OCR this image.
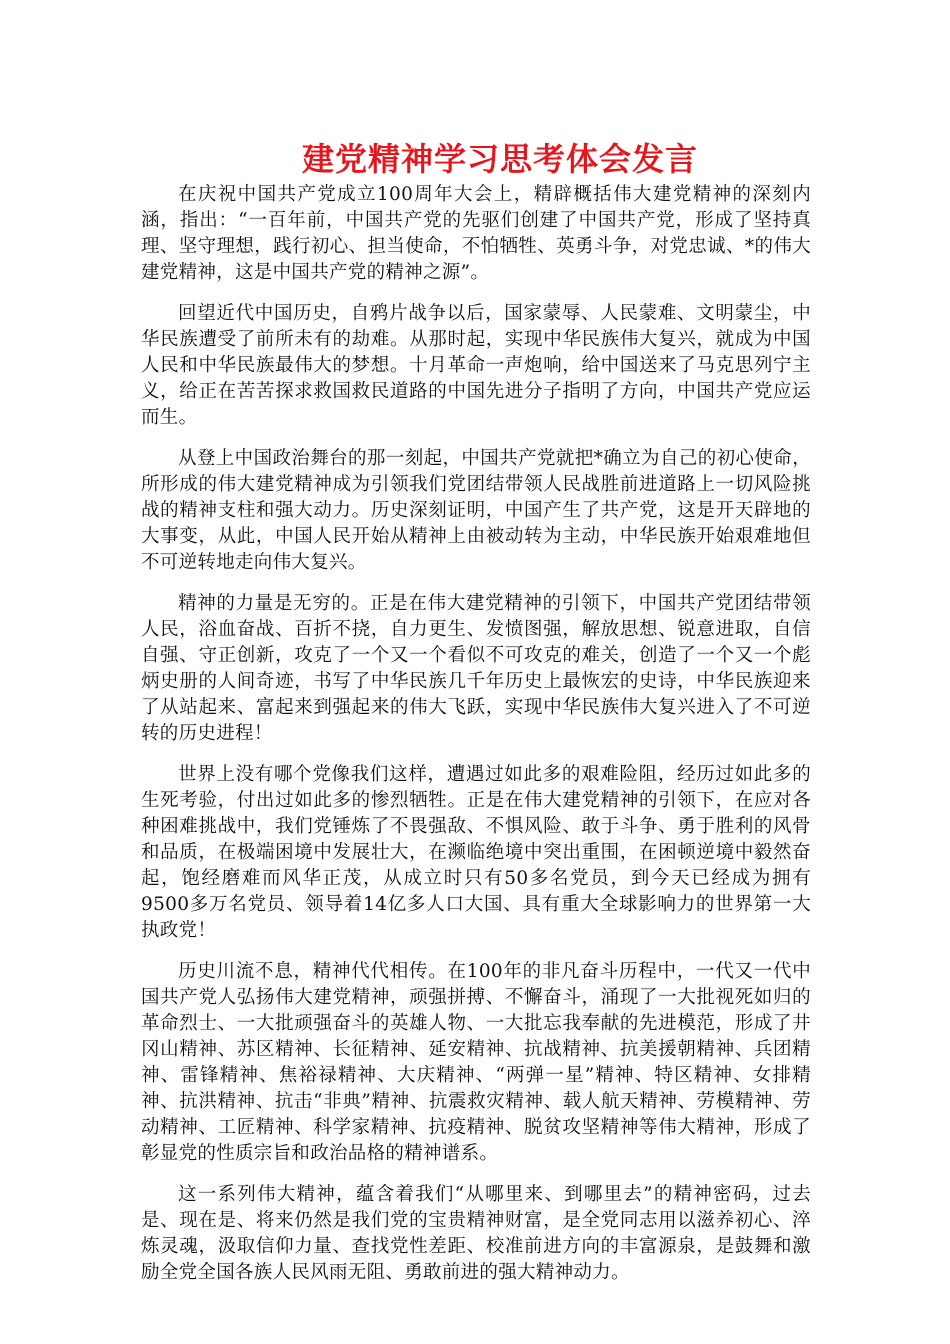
建党精神学习思考体会发言

在庆祝中国共产党成立100周年大会上，精辟概括伟大建党精神的深刻内涵，指出：“一百年前，中国共产党的先驱们创建了中国共产党，形成了坚持真理、坚守理想，践行初心、担当使命，不怕牺牲、英勇斗争，对党忠诚、*的伟大建党精神，这是中国共产党的精神之源”。

回望近代中国历史，自鸦片战争以后，国家蒙辱、人民蒙难、文明蒙尘，中华民族遭受了前所未有的劫难。从那时起，实现中华民族伟大复兴，就成为中国人民和中华民族最伟大的梦想。十月革命一声炮响，给中国送来了马克思列宁主义，给正在苦苦探求救国救民道路的中国先进分子指明了方向，中国共产党应运而生。

从登上中国政治舞台的那一刻起，中国共产党就把*确立为自己的初心使命，所形成的伟大建党精神成为引领我们党团结带领人民战胜前进道路上一切风险挑战的精神支柱和强大动力。历史深刻证明，中国产生了共产党，这是开天辟地的大事变，从此，中国人民开始从精神上由被动转为主动，中华民族开始艰难地但不可逆转地走向伟大复兴。

精神的力量是无穷的。正是在伟大建党精神的引领下，中国共产党团结带领人民，浴血奋战、百折不挠，自力更生、发愤图强，解放思想、锐意进取，自信自强、守正创新，攻克了一个又一个看似不可攻克的难关，创造了一个又一个彪炳史册的人间奇迹，书写了中华民族几千年历史上最恢宏的史诗，中华民族迎来了从站起来、富起来到强起来的伟大飞跃，实现中华民族伟大复兴进入了不可逆转的历史进程！

世界上没有哪个党像我们这样，遭遇过如此多的艰难险阻，经历过如此多的生死考验，付出过如此多的惨烈牺牲。正是在伟大建党精神的引领下，在应对各种困难挑战中，我们党锤炼了不畏强敌、不惧风险、敢于斗争、勇于胜利的风骨和品质，在极端困境中发展壮大，在濒临绝境中突出重围，在困顿逆境中毅然奋起，饱经磨难而风华正茂，从成立时只有50多名党员，到今天已经成为拥有9500多万名党员、领导着14亿多人口大国、具有重大全球影响力的世界第一大执政党！

历史川流不息，精神代代相传。在100年的非凡奋斗历程中，一代又一代中国共产党人弘扬伟大建党精神，顽强拼搏、不懈奋斗，涌现了一大批视死如归的革命烈士、一大批顽强奋斗的英雄人物、一大批忘我奉献的先进模范，形成了井冈山精神、苏区精神、长征精神、延安精神、抗战精神、抗美援朝精神、兵团精神、雷锋精神、焦裕禄精神、大庆精神、“两弹一星”精神、特区精神、女排精神、抗洪精神、抗击“非典”精神、抗震救灾精神、载人航天精神、劳模精神、劳动精神、工匠精神、科学家精神、抗疫精神、脱贫攻坚精神等伟大精神，形成了彰显党的性质宗旨和政治品格的精神谱系。

这一系列伟大精神，蕴含着我们“从哪里来、到哪里去”的精神密码，过去是、现在是、将来仍然是我们党的宝贵精神财富，是全党同志用以滋养初心、淬炼灵魂，汲取信仰力量、查找党性差距、校准前进方向的丰富源泉，是鼓舞和激励全党全国各族人民风雨无阻、勇敢前进的强大精神动力。
